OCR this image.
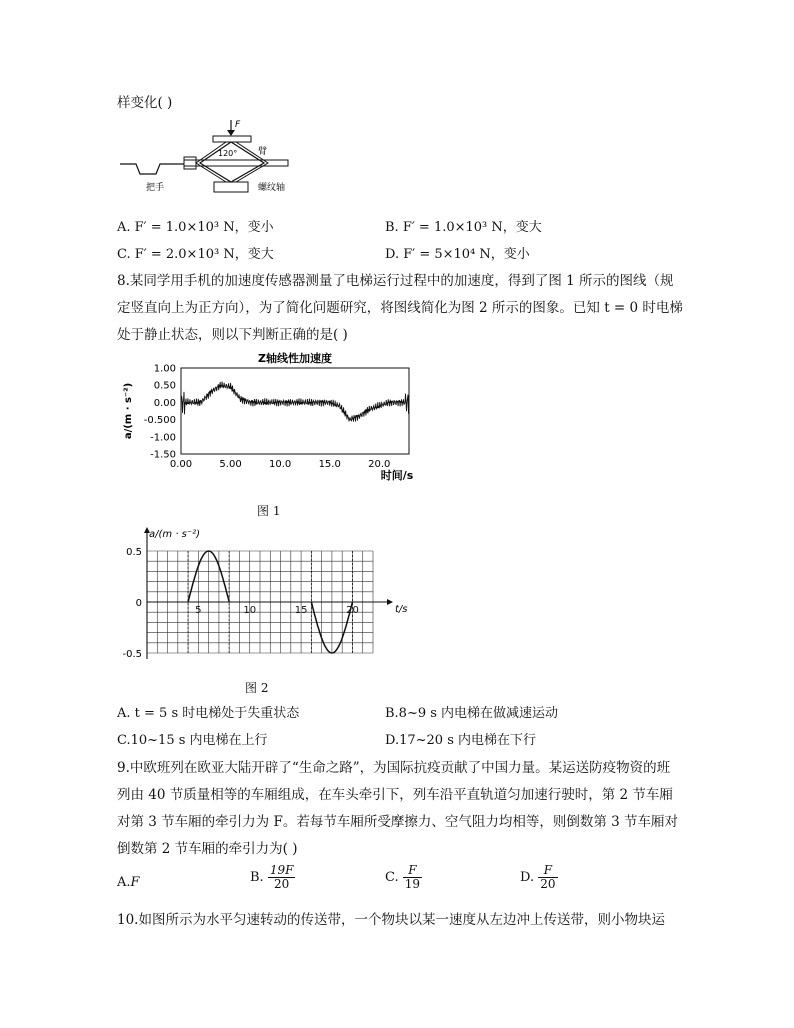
样变化( )
F
120° 臂
把手	螺纹轴
A. F′ = 1.0×10³ N，变小	B. F′ = 1.0×10³ N，变大
C. F′ = 2.0×10³ N，变大	D. F′ = 5×10⁴ N，变小
8.某同学用手机的加速度传感器测量了电梯运行过程中的加速度，得到了图 1 所示的图线（规
定竖直向上为正方向），为了简化问题研究，将图线简化为图 2 所示的图象。已知 t = 0 时电梯
处于静止状态，则以下判断正确的是( )
Z轴线性加速度
1.00
0.50
0.00
-0.500
-1.00
-1.50
0.00	5.00	10.0	15.0	20.0
时间/s
a/(m · s⁻²)
图 1
a/(m · s⁻²)
t/s
0.5
0
-0.5
5	10	15	20
图 2
A. t = 5 s 时电梯处于失重状态	B.8~9 s 内电梯在做减速运动
C.10~15 s 内电梯在上行	D.17~20 s 内电梯在下行
9.中欧班列在欧亚大陆开辟了“生命之路”，为国际抗疫贡献了中国力量。某运送防疫物资的班
列由 40 节质量相等的车厢组成，在车头牵引下，列车沿平直轨道匀加速行驶时，第 2 节车厢
对第 3 节车厢的牵引力为 F。若每节车厢所受摩擦力、空气阻力均相等，则倒数第 3 节车厢对
倒数第 2 节车厢的牵引力为( )
A.F	B. $\frac{19F}{20}$	C. $\frac{F}{19}$	D. $\frac{F}{20}$
10.如图所示为水平匀速转动的传送带，一个物块以某一速度从左边冲上传送带，则小物块运
